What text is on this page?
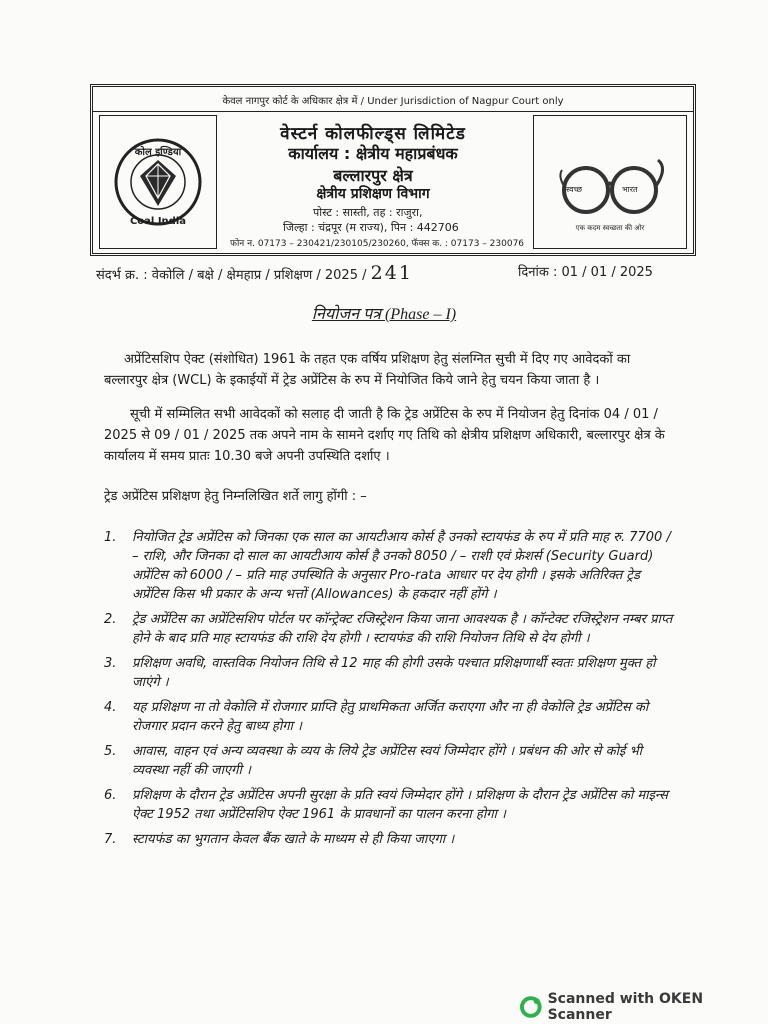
केवल नागपुर कोर्ट के अधिकार क्षेत्र में / Under Jurisdiction of Nagpur Court only
कोल इण्डिया
Coal India
वेस्टर्न कोलफील्ड्स लिमिटेड
कार्यालय : क्षेत्रीय महाप्रबंधक
बल्लारपुर क्षेत्र
क्षेत्रीय प्रशिक्षण विभाग
पोस्ट : सास्ती, तह : राजुरा,
जिल्हा : चंद्रपूर (म राज्य), पिन : 442706
फोन न. 07173 – 230421/230105/230260, फॅक्स क. : 07173 – 230076
स्वच्छ	भारत
एक कदम स्वच्छता की ओर
संदर्भ क्र. : वेकोलि / बक्षे / क्षेमहाप्र / प्रशिक्षण / 2025 / 241	दिनांक : 01 / 01 / 2025
नियोजन पत्र (Phase – I)
अप्रेंटिसशिप ऐक्ट (संशोधित) 1961 के तहत एक वर्षिय प्रशिक्षण हेतु संलग्नित सुची में दिए गए आवेदकों का बल्लारपुर क्षेत्र (WCL) के इकाईयों में ट्रेड अप्रेंटिस के रुप में नियोजित किये जाने हेतु चयन किया जाता है ।
सूची में सम्मिलित सभी आवेदकों को सलाह दी जाती है कि ट्रेड अप्रेंटिस के रुप में नियोजन हेतु दिनांक 04 / 01 / 2025 से 09 / 01 / 2025 तक अपने नाम के सामने दर्शाए गए तिथि को क्षेत्रीय प्रशिक्षण अधिकारी, बल्लारपुर क्षेत्र के कार्यालय में समय प्रातः 10.30 बजे अपनी उपस्थिति दर्शाए ।
ट्रेड अप्रेंटिस प्रशिक्षण हेतु निम्नलिखित शर्ते लागु होंगी : –
1. नियोजित ट्रेड अप्रेंटिस को जिनका एक साल का आयटीआय कोर्स है उनको स्टायफंड के रुप में प्रति माह रु. 7700 / – राशि, और जिनका दो साल का आयटीआय कोर्स है उनको 8050 / – राशी एवं फ्रेशर्स (Security Guard) अप्रेंटिस को 6000 / – प्रति माह उपस्थिति के अनुसार Pro-rata आधार पर देय होगी । इसके अतिरिक्त ट्रेड अप्रेंटिस किस भी प्रकार के अन्य भत्तों (Allowances) के हकदार नहीं होंगे ।
2. ट्रेड अप्रेंटिस का अप्रेंटिसशिप पोर्टल पर कॉन्ट्रेक्ट रजिस्ट्रेशन किया जाना आवश्यक है । कॉन्टेक्ट रजिस्ट्रेशन नम्बर प्राप्त होने के बाद प्रति माह स्टायफंड की राशि देय होगी । स्टायफंड की राशि नियोजन तिथि से देय होगी ।
3. प्रशिक्षण अवधि, वास्तविक नियोजन तिथि से 12 माह की होगी उसके पश्चात प्रशिक्षणार्थी स्वतः प्रशिक्षण मुक्त हो जाएंगे ।
4. यह प्रशिक्षण ना तो वेकोलि में रोजगार प्राप्ति हेतु प्राथमिकता अर्जित कराएगा और ना ही वेकोलि ट्रेड अप्रेंटिस को रोजगार प्रदान करने हेतु बाध्य होगा ।
5. आवास, वाहन एवं अन्य व्यवस्था के व्यय के लिये ट्रेड अप्रेंटिस स्वयं जिम्मेदार होंगे । प्रबंधन की ओर से कोई भी व्यवस्था नहीं की जाएगी ।
6. प्रशिक्षण के दौरान ट्रेड अप्रेंटिस अपनी सुरक्षा के प्रति स्वयं जिम्मेदार होंगे । प्रशिक्षण के दौरान ट्रेड अप्रेंटिस को माइन्स ऐक्ट 1952 तथा अप्रेंटिसशिप ऐक्ट 1961 के प्रावधानों का पालन करना होगा ।
7. स्टायफंड का भुगतान केवल बैंक खाते के माध्यम से ही किया जाएगा ।
Scanned with OKEN Scanner
